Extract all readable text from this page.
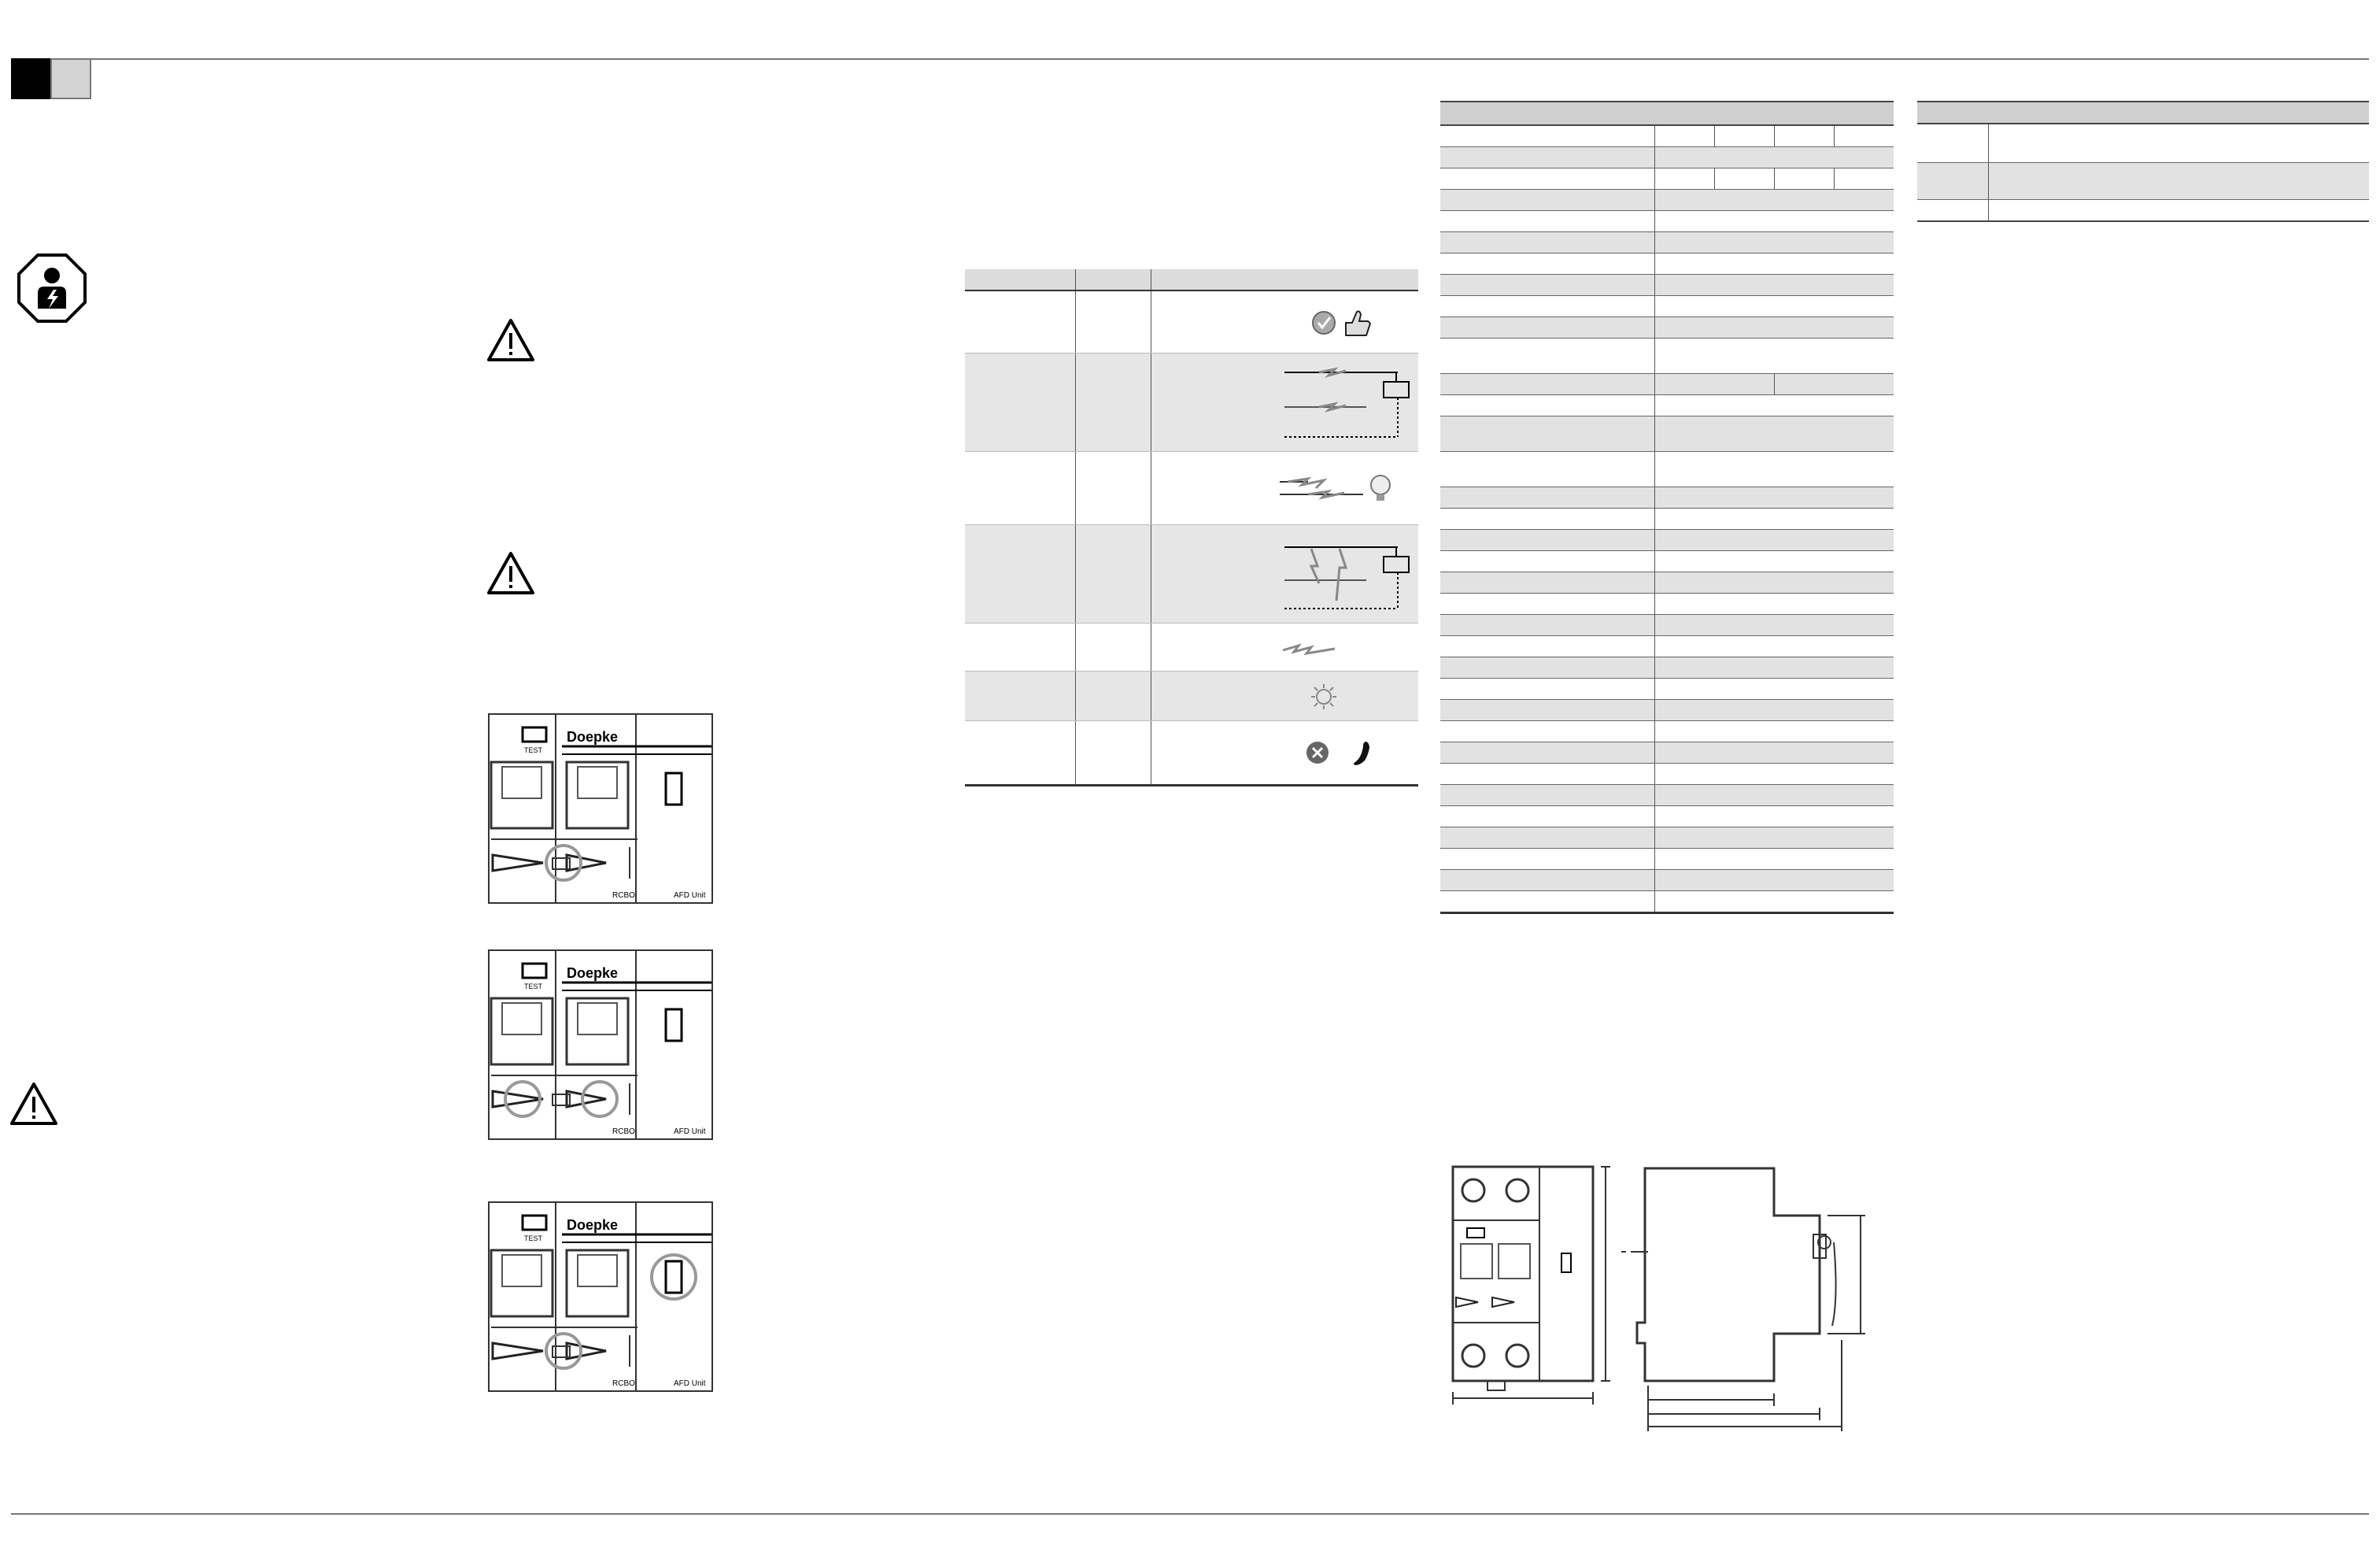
Doepke
TEST
RCBO	AFD Unit
Doepke
TEST
RCBO	AFD Unit
Doepke
TEST
RCBO	AFD Unit
